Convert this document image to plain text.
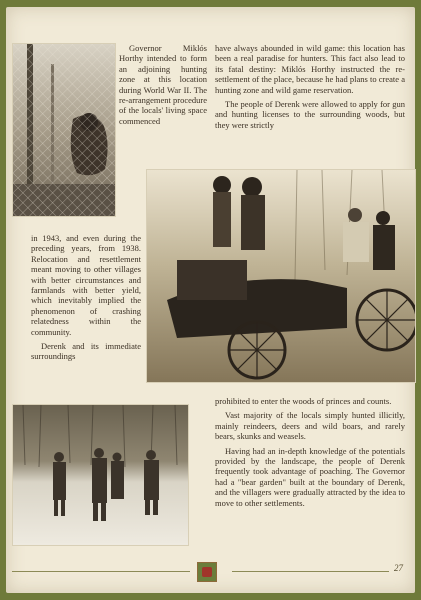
Governor Miklós Horthy intended to form an adjoining hunting zone at this location during World War II. The re-arrangement procedure of the locals' living space commenced

have always abounded in wild game: this location has been a real paradise for hunters. This fact also lead to its fatal destiny: Miklós Horthy instructed the re-settlement of the place, because he had plans to create a hunting zone and wild game reservation.

The people of Derenk were allowed to apply for gun and hunting licenses to the surrounding woods, but they were strictly

in 1943, and even during the preceding years, from 1938. Relocation and resettlement meant moving to other villages with better circumstances and farmlands with better yield, which inevitably implied the phenomenon of crashing relatedness within the community.

Derenk and its immediate surroundings

prohibited to enter the woods of princes and counts.

Vast majority of the locals simply hunted illicitly, mainly reindeers, deers and wild boars, and rarely bears, skunks and weasels.

Having had an in-depth knowledge of the potentials provided by the landscape, the people of Derenk frequently took advantage of poaching. The Governor had a "bear garden" built at the boundary of Derenk, and the villagers were gradually attracted by the idea to move to other settlements.

27
